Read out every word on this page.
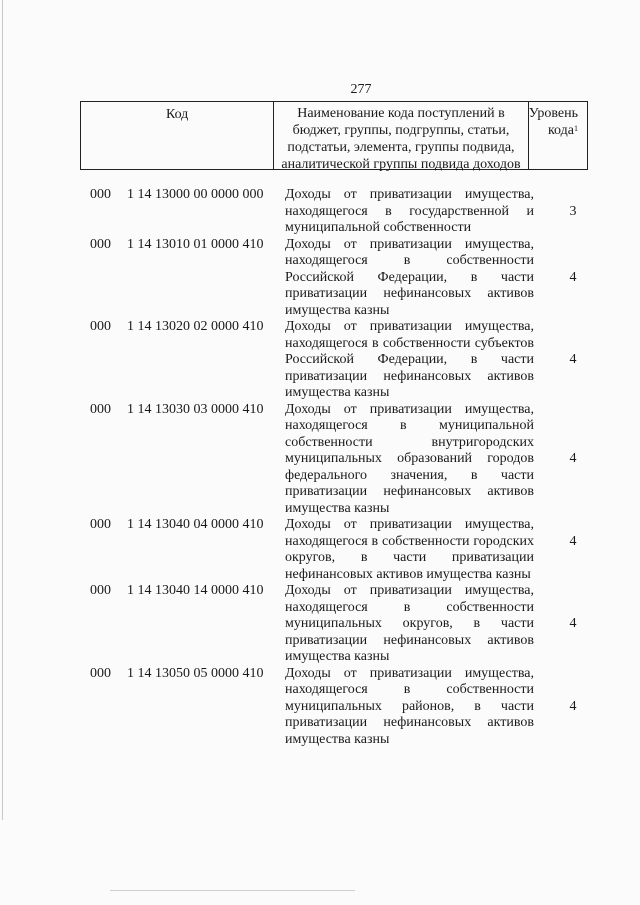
277
Код	Наименование кода поступлений в бюджет, группы, подгруппы, статьи, подстатьи, элемента, группы подвида, аналитической группы подвида доходов
Уровень кода$^1$
000 1 14 13000 00 0000 000 Доходы от приватизации имущества, находящегося в государственной и муниципальной собственности
3
000 1 14 13010 01 0000 410 Доходы от приватизации имущества, находящегося в собственности Российской Федерации, в части приватизации нефинансовых активов имущества казны
4
000 1 14 13020 02 0000 410 Доходы от приватизации имущества, находящегося в собственности субъектов Российской Федерации, в части приватизации нефинансовых активов имущества казны
4
000 1 14 13030 03 0000 410 Доходы от приватизации имущества, находящегося в муниципальной собственности внутригородских муниципальных образований городов федерального значения, в части приватизации нефинансовых активов имущества казны
4
000 1 14 13040 04 0000 410 Доходы от приватизации имущества, находящегося в собственности городских округов, в части приватизации нефинансовых активов имущества казны
4
000 1 14 13040 14 0000 410 Доходы от приватизации имущества, находящегося в собственности муниципальных округов, в части приватизации нефинансовых активов имущества казны
4
000 1 14 13050 05 0000 410 Доходы от приватизации имущества, находящегося в собственности муниципальных районов, в части приватизации нефинансовых активов имущества казны
4
